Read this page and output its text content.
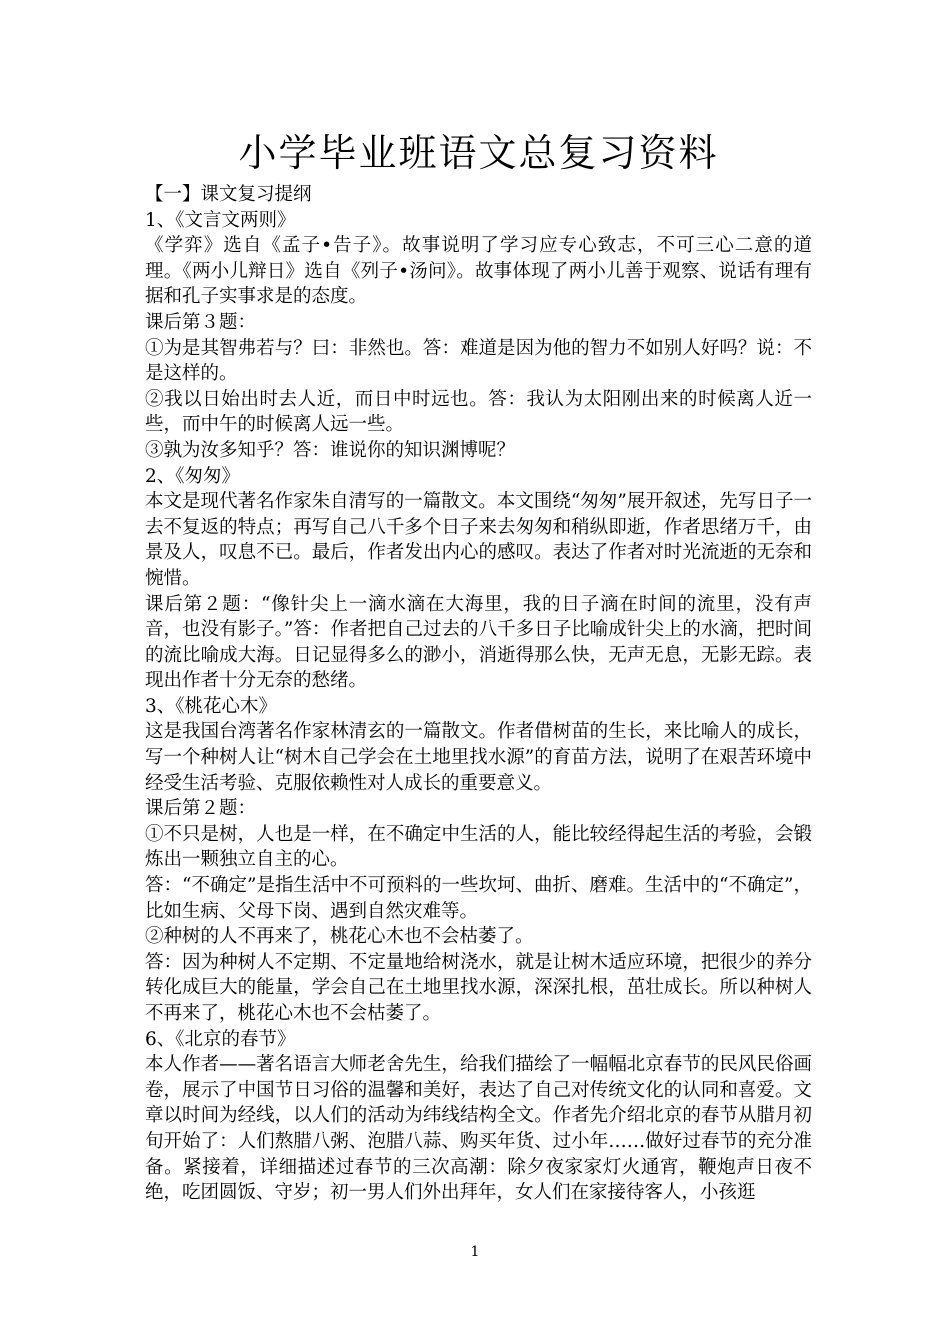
小学毕业班语文总复习资料

【一】课文复习提纲

1、《文言文两则》

《学弈》选自《孟子•告子》。故事说明了学习应专心致志，不可三心二意的道理。《两小儿辩日》选自《列子•汤问》。故事体现了两小儿善于观察、说话有理有据和孔子实事求是的态度。

课后第３题：

①为是其智弗若与？曰：非然也。答：难道是因为他的智力不如别人好吗？说：不是这样的。

②我以日始出时去人近，而日中时远也。答：我认为太阳刚出来的时候离人近一些，而中午的时候离人远一些。

③孰为汝多知乎？答：谁说你的知识渊博呢？

2、《匆匆》

本文是现代著名作家朱自清写的一篇散文。本文围绕“匆匆”展开叙述，先写日子一去不复返的特点；再写自己八千多个日子来去匆匆和稍纵即逝，作者思绪万千，由景及人，叹息不已。最后，作者发出内心的感叹。表达了作者对时光流逝的无奈和惋惜。

课后第２题：“像针尖上一滴水滴在大海里，我的日子滴在时间的流里，没有声音，也没有影子。”答：作者把自己过去的八千多日子比喻成针尖上的水滴，把时间的流比喻成大海。日记显得多么的渺小，消逝得那么快，无声无息，无影无踪。表现出作者十分无奈的愁绪。

3、《桃花心木》

这是我国台湾著名作家林清玄的一篇散文。作者借树苗的生长，来比喻人的成长，写一个种树人让“树木自己学会在土地里找水源”的育苗方法，说明了在艰苦环境中经受生活考验、克服依赖性对人成长的重要意义。

课后第２题：

①不只是树，人也是一样，在不确定中生活的人，能比较经得起生活的考验，会锻炼出一颗独立自主的心。

答：“不确定”是指生活中不可预料的一些坎坷、曲折、磨难。生活中的“不确定”，比如生病、父母下岗、遇到自然灾难等。

②种树的人不再来了，桃花心木也不会枯萎了。

答：因为种树人不定期、不定量地给树浇水，就是让树木适应环境，把很少的养分转化成巨大的能量，学会自己在土地里找水源，深深扎根，茁壮成长。所以种树人不再来了，桃花心木也不会枯萎了。

6、《北京的春节》

本人作者——著名语言大师老舍先生，给我们描绘了一幅幅北京春节的民风民俗画卷，展示了中国节日习俗的温馨和美好，表达了自己对传统文化的认同和喜爱。文章以时间为经线，以人们的活动为纬线结构全文。作者先介绍北京的春节从腊月初旬开始了：人们熬腊八粥、泡腊八蒜、购买年货、过小年……做好过春节的充分准备。紧接着，详细描述过春节的三次高潮：除夕夜家家灯火通宵，鞭炮声日夜不绝，吃团圆饭、守岁；初一男人们外出拜年，女人们在家接待客人，小孩逛

1
